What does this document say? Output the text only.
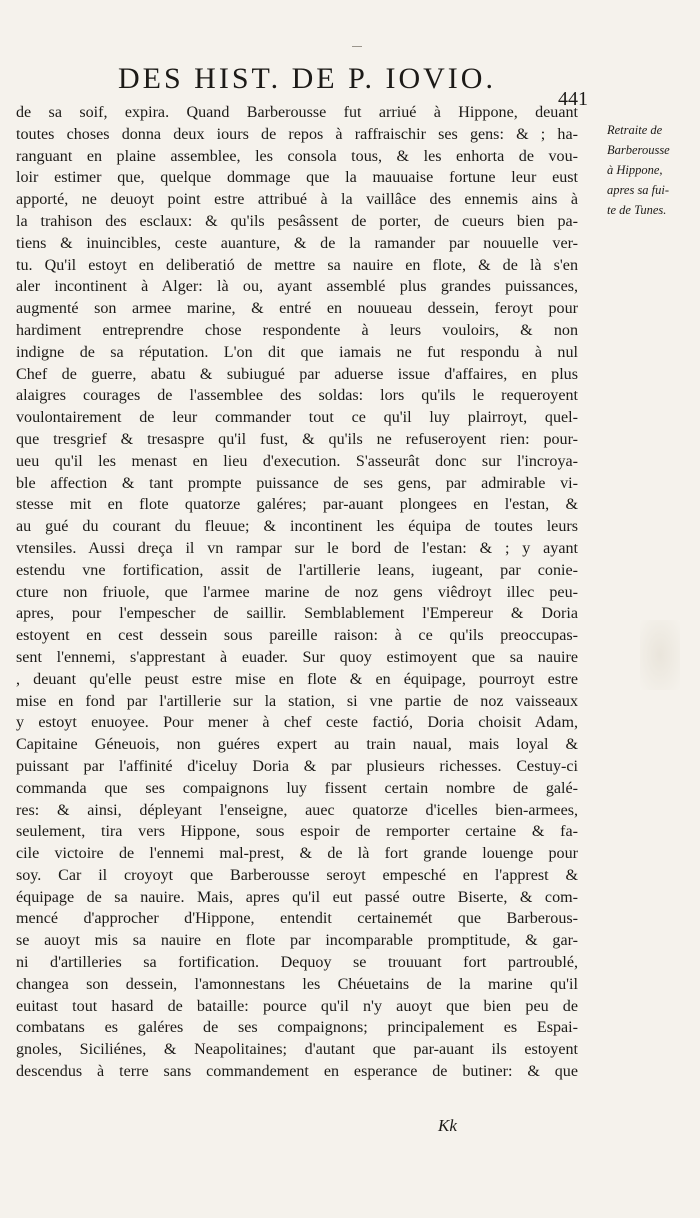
DES HIST. DE P. IOVIO.
441
de sa soif, expira. Quand Barberousse fut arriué à Hippone, deuant
toutes choses donna deux iours de repos à raffraischir ses gens: & ; ha-
ranguant en plaine assemblee, les consola tous, & les enhorta de vou-
loir estimer que, quelque dommage que la mauuaise fortune leur eust
apporté, ne deuoyt point estre attribué à la vaillâce des ennemis ains à
la trahison des esclaux: & qu'ils pesâssent de porter, de cueurs bien pa-
tiens & inuincibles, ceste auanture, & de la ramander par nouuelle ver-
tu. Qu'il estoyt en deliberatió de mettre sa nauire en flote, & de là s'en
aler incontinent à Alger: là ou, ayant assemblé plus grandes puissances,
augmenté son armee marine, & entré en nouueau dessein, feroyt pour
hardiment entreprendre chose respondente à leurs vouloirs, & non
indigne de sa réputation. L'on dit que iamais ne fut respondu à nul
Chef de guerre, abatu & subiugué par aduerse issue d'affaires, en plus
alaigres courages de l'assemblee des soldas: lors qu'ils le requeroyent
voulontairement de leur commander tout ce qu'il luy plairroyt, quel-
que tresgrief & tresaspre qu'il fust, & qu'ils ne refuseroyent rien: pour-
ueu qu'il les menast en lieu d'execution. S'asseurât donc sur l'incroya-
ble affection & tant prompte puissance de ses gens, par admirable vi-
stesse mit en flote quatorze galéres; par-auant plongees en l'estan, &
au gué du courant du fleuue; & incontinent les équipa de toutes leurs
vtensiles. Aussi dreça il vn rampar sur le bord de l'estan: & ; y ayant
estendu vne fortification, assit de l'artillerie leans, iugeant, par conie-
cture non friuole, que l'armee marine de noz gens viêdroyt illec peu-
apres, pour l'empescher de saillir. Semblablement l'Empereur & Doria
estoyent en cest dessein sous pareille raison: à ce qu'ils preoccupas-
sent l'ennemi, s'apprestant à euader. Sur quoy estimoyent que sa nauire
, deuant qu'elle peust estre mise en flote & en équipage, pourroyt estre
mise en fond par l'artillerie sur la station, si vne partie de noz vaisseaux
y estoyt enuoyee. Pour mener à chef ceste factió, Doria choisit Adam,
Capitaine Géneuois, non guéres expert au train naual, mais loyal &
puissant par l'affinité d'iceluy Doria & par plusieurs richesses. Cestuy-ci
commanda que ses compaignons luy fissent certain nombre de galé-
res: & ainsi, dépleyant l'enseigne, auec quatorze d'icelles bien-armees,
seulement, tira vers Hippone, sous espoir de remporter certaine & fa-
cile victoire de l'ennemi mal-prest, & de là fort grande louenge pour
soy. Car il croyoyt que Barberousse seroyt empesché en l'apprest &
équipage de sa nauire. Mais, apres qu'il eut passé outre Biserte, & com-
mencé d'approcher d'Hippone, entendit certainemét que Barberous-
se auoyt mis sa nauire en flote par incomparable promptitude, & gar-
ni d'artilleries sa fortification. Dequoy se trouuant fort partroublé,
changea son dessein, l'amonnestans les Chéuetains de la marine qu'il
euitast tout hasard de bataille: pource qu'il n'y auoyt que bien peu de
combatans es galéres de ses compaignons; principalement es Espai-
gnoles, Siciliénes, & Neapolitaines; d'autant que par-auant ils estoyent
descendus à terre sans commandement en esperance de butiner: & que
Retraite de
Barberousse
à Hippone,
apres sa fui-
te de Tunes.
Kk
